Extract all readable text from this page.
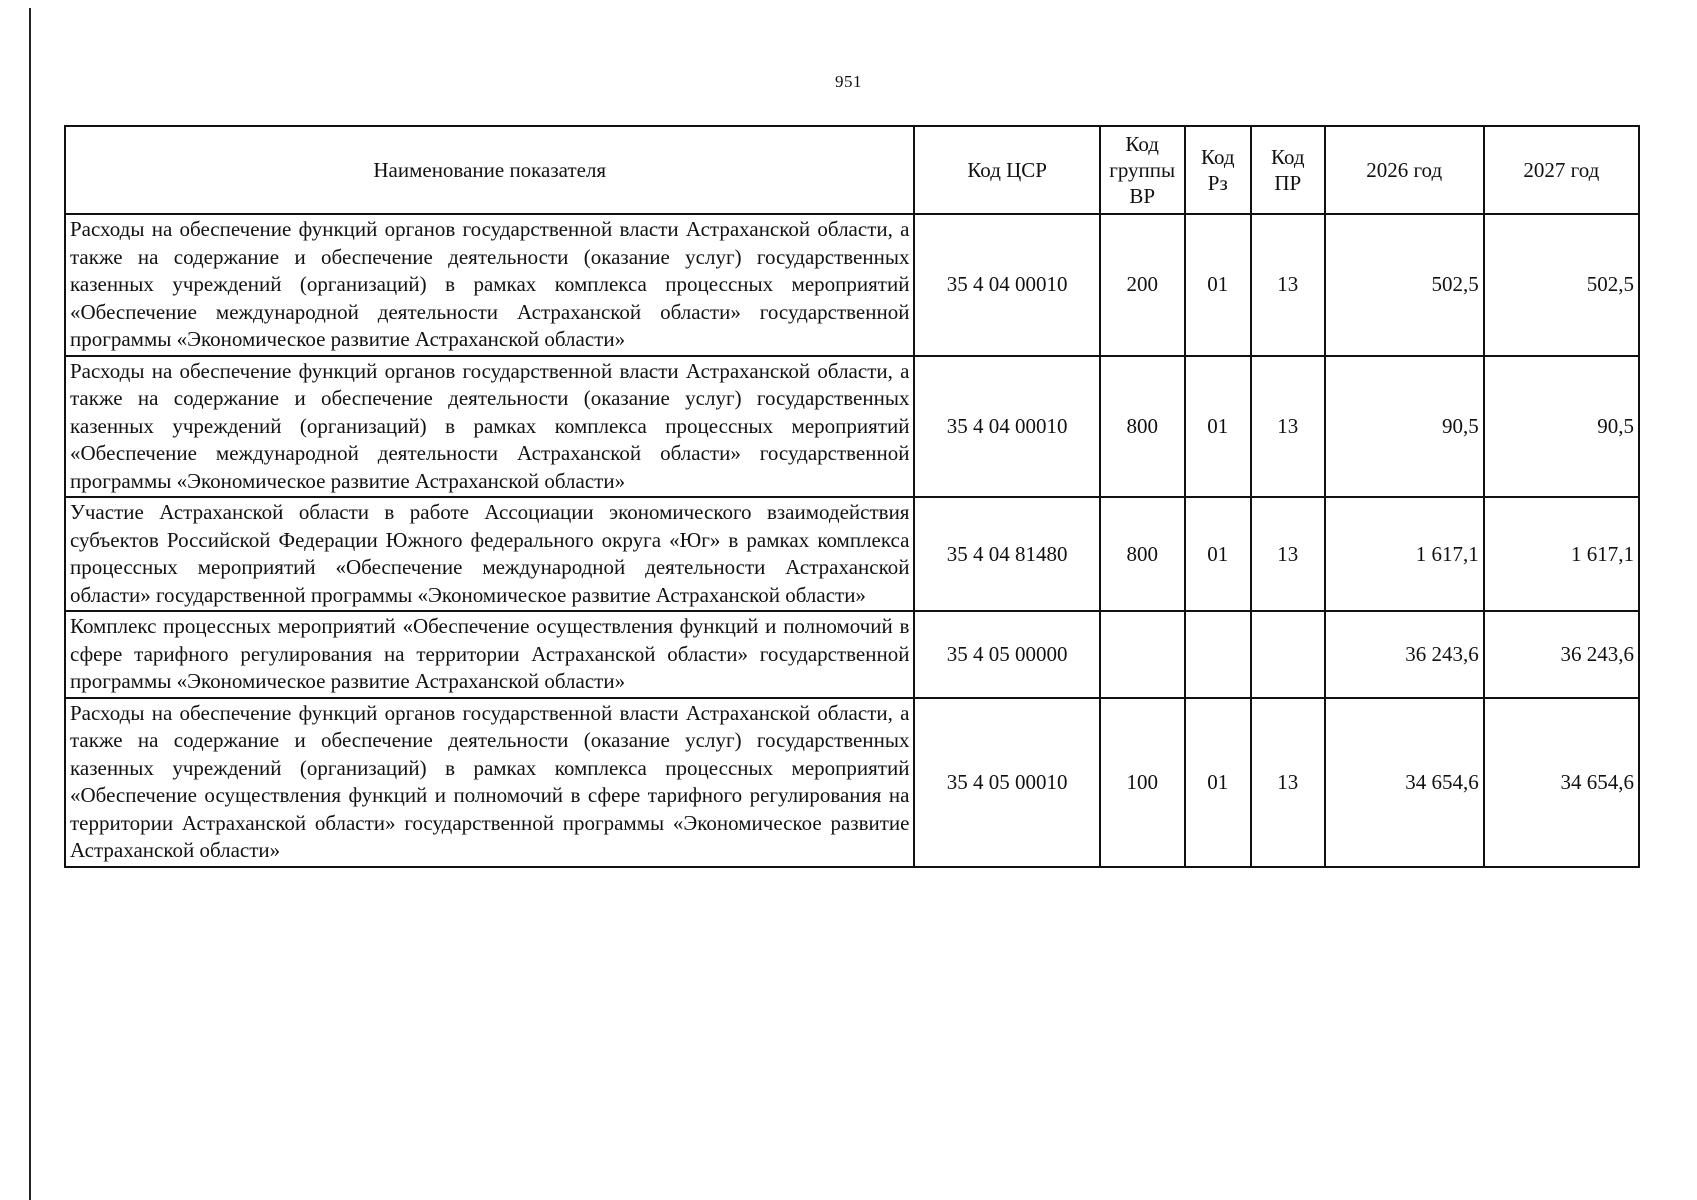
951
Наименование показателя	Код ЦСР	Код группы ВР	Код Рз	Код ПР	2026 год	2027 год
Расходы на обеспечение функций органов государственной власти Астраханской области, а также на содержание и обеспечение деятельности (оказание услуг) государственных казенных учреждений (организаций) в рамках комплекса процессных мероприятий «Обеспечение международной деятельности Астраханской области» государственной программы «Экономическое развитие Астраханской области»	35 4 04 00010	200	01	13	502,5	502,5
Расходы на обеспечение функций органов государственной власти Астраханской области, а также на содержание и обеспечение деятельности (оказание услуг) государственных казенных учреждений (организаций) в рамках комплекса процессных мероприятий «Обеспечение международной деятельности Астраханской области» государственной программы «Экономическое развитие Астраханской области»	35 4 04 00010	800	01	13	90,5	90,5
Участие Астраханской области в работе Ассоциации экономического взаимодействия субъектов Российской Федерации Южного федерального округа «Юг» в рамках комплекса процессных мероприятий «Обеспечение международной деятельности Астраханской области» государственной программы «Экономическое развитие Астраханской области»	35 4 04 81480	800	01	13	1 617,1	1 617,1
Комплекс процессных мероприятий «Обеспечение осуществления функций и полномочий в сфере тарифного регулирования на территории Астраханской области» государственной программы «Экономическое развитие Астраханской области»	35 4 05 00000				36 243,6	36 243,6
Расходы на обеспечение функций органов государственной власти Астраханской области, а также на содержание и обеспечение деятельности (оказание услуг) государственных казенных учреждений (организаций) в рамках комплекса процессных мероприятий «Обеспечение осуществления функций и полномочий в сфере тарифного регулирования на территории Астраханской области» государственной программы «Экономическое развитие Астраханской области»	35 4 05 00010	100	01	13	34 654,6	34 654,6
